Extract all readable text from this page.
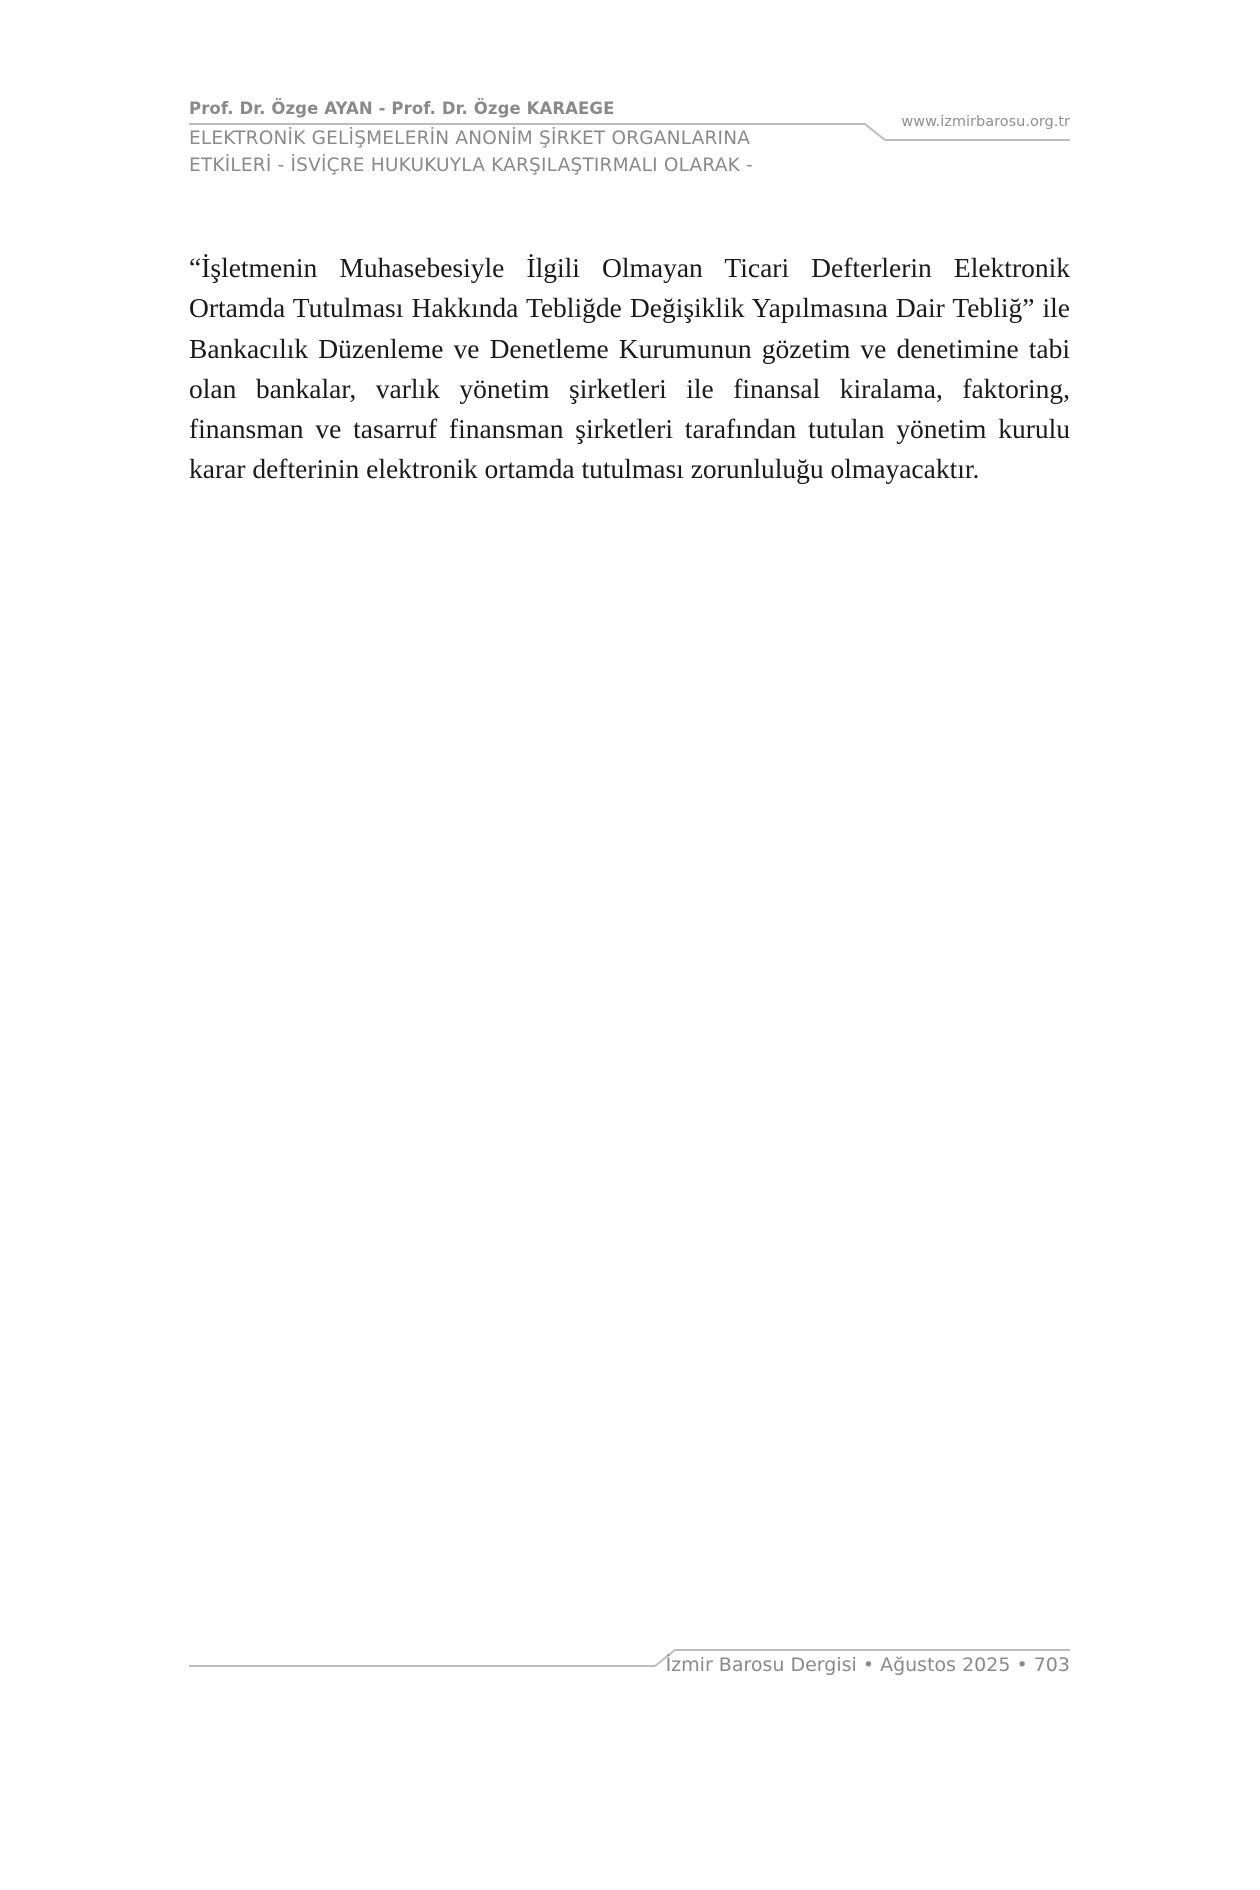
Prof. Dr. Özge AYAN - Prof. Dr. Özge KARAEGE
www.izmirbarosu.org.tr
ELEKTRONİK GELİŞMELERİN ANONİM ŞİRKET ORGANLARINA
ETKİLERİ - İSVİÇRE HUKUKUYLA KARŞILAŞTIRMALI OLARAK -

“İşletmenin Muhasebesiyle İlgili Olmayan Ticari Defterlerin Elektronik Ortamda Tutulması Hakkında Tebliğde Değişiklik Yapılmasına Dair Tebliğ” ile Bankacılık Düzenleme ve Denetleme Kurumunun gözetim ve denetimine tabi olan bankalar, varlık yönetim şirketleri ile finansal kiralama, faktoring, finansman ve tasarruf finansman şirketleri tarafından tutulan yönetim kurulu karar defterinin elektronik ortamda tutulması zorunluluğu olmayacaktır.

İzmir Barosu Dergisi • Ağustos 2025 • 703
